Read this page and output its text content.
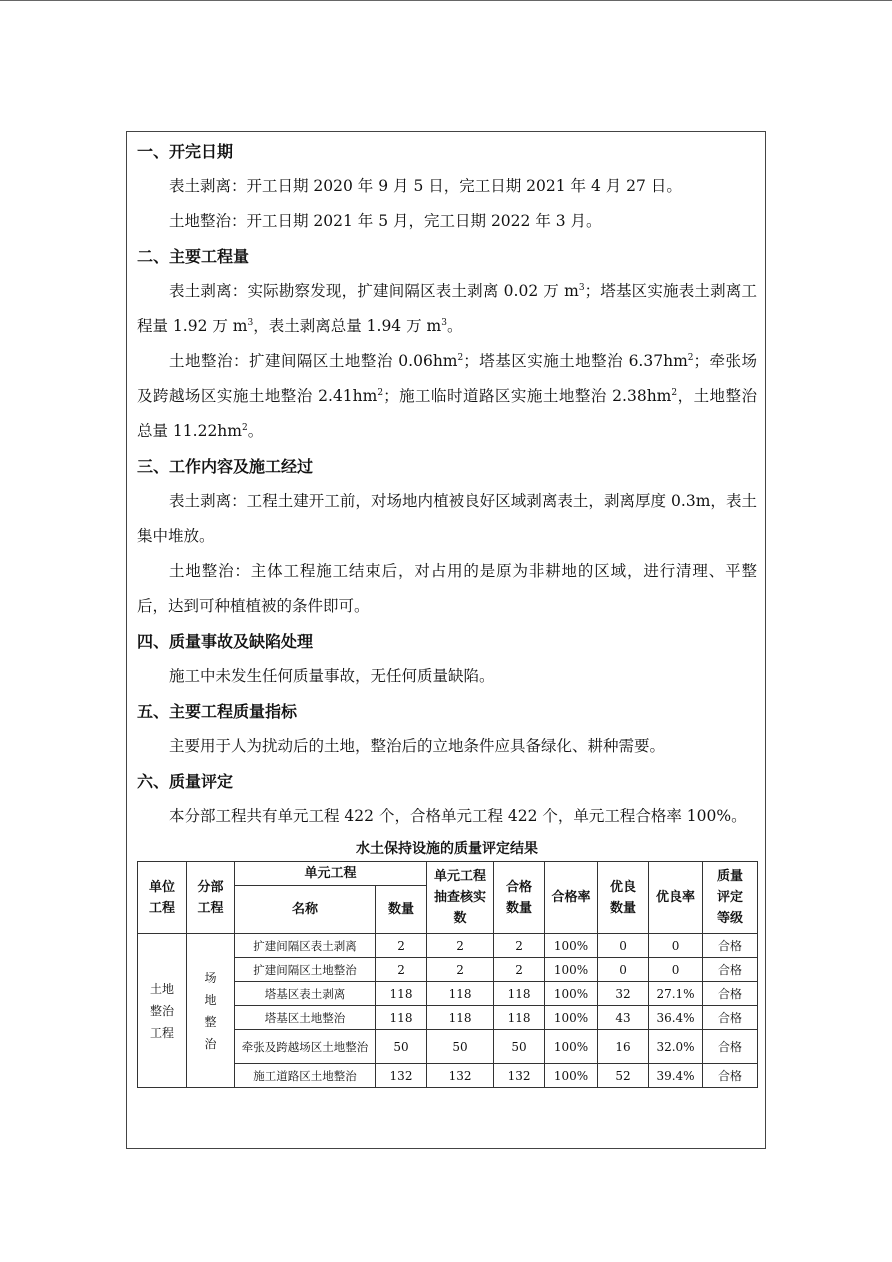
一、开完日期
表土剥离：开工日期 2020 年 9 月 5 日，完工日期 2021 年 4 月 27 日。
土地整治：开工日期 2021 年 5 月，完工日期 2022 年 3 月。
二、主要工程量
表土剥离：实际勘察发现，扩建间隔区表土剥离 0.02 万 $m^3$；塔基区实施表土剥离工程量 1.92 万 $m^3$，表土剥离总量 1.94 万 $m^3$。
土地整治：扩建间隔区土地整治 $0.06hm^2$；塔基区实施土地整治 $6.37hm^2$；牵张场及跨越场区实施土地整治 $2.41hm^2$；施工临时道路区实施土地整治 $2.38hm^2$，土地整治总量 $11.22hm^2$。
三、工作内容及施工经过
表土剥离：工程土建开工前，对场地内植被良好区域剥离表土，剥离厚度 0.3m，表土集中堆放。
土地整治：主体工程施工结束后，对占用的是原为非耕地的区域，进行清理、平整后，达到可种植植被的条件即可。
四、质量事故及缺陷处理
施工中未发生任何质量事故，无任何质量缺陷。
五、主要工程质量指标
主要用于人为扰动后的土地，整治后的立地条件应具备绿化、耕种需要。
六、质量评定
本分部工程共有单元工程 422 个，合格单元工程 422 个，单元工程合格率 100%。
水土保持设施的质量评定结果
单位工程	分部工程	单元工程		单元工程抽查核实数	合格数量	合格率	优良数量	优良率	质量评定等级
		名称	数量						
土地整治工程	场地整治	扩建间隔区表土剥离	2	2	2	100%	0	0	合格
		扩建间隔区土地整治	2	2	2	100%	0	0	合格
		塔基区表土剥离	118	118	118	100%	32	27.1%	合格
		塔基区土地整治	118	118	118	100%	43	36.4%	合格
		牵张及跨越场区土地整治	50	50	50	100%	16	32.0%	合格
		施工道路区土地整治	132	132	132	100%	52	39.4%	合格
